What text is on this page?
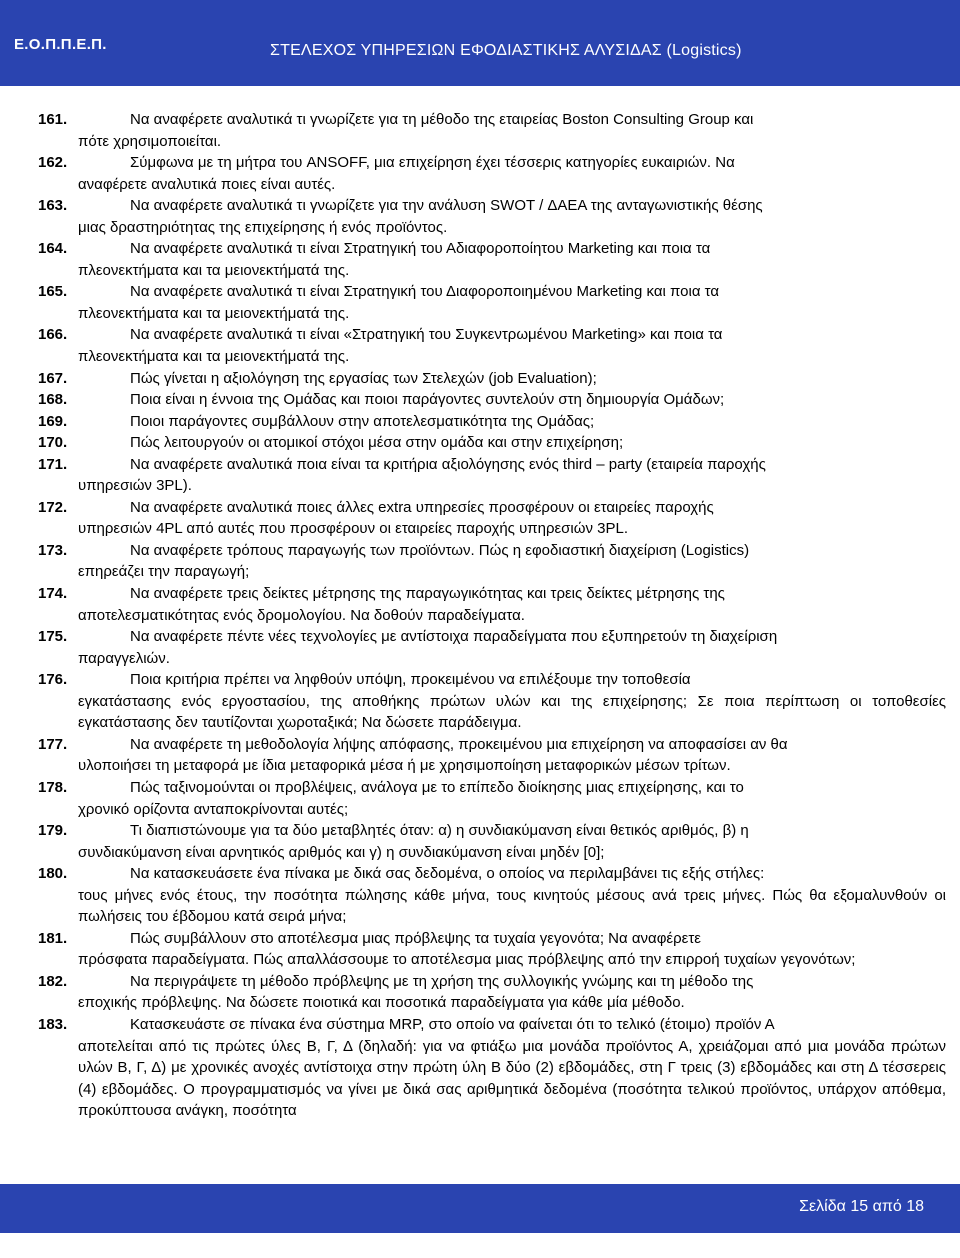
Ε.Ο.Π.Π.Ε.Π.	ΣΤΕΛΕΧΟΣ ΥΠΗΡΕΣΙΩΝ ΕΦΟΔΙΑΣΤΙΚΗΣ ΑΛΥΣΙΔΑΣ (Logistics)
161.	Να αναφέρετε αναλυτικά τι γνωρίζετε για τη μέθοδο της εταιρείας Boston Consulting Group και
πότε χρησιμοποιείται.
162.	Σύμφωνα με τη μήτρα του ANSOFF, μια επιχείρηση έχει τέσσερις κατηγορίες ευκαιριών. Να
αναφέρετε αναλυτικά ποιες είναι αυτές.
163.	Να αναφέρετε αναλυτικά τι γνωρίζετε για την ανάλυση SWOT / ΔΑΕΑ της ανταγωνιστικής θέσης
μιας δραστηριότητας της επιχείρησης ή ενός προϊόντος.
164.	Να αναφέρετε αναλυτικά τι είναι Στρατηγική του Αδιαφοροποίητου Marketing και ποια τα
πλεονεκτήματα και τα μειονεκτήματά της.
165.	Να αναφέρετε αναλυτικά τι είναι Στρατηγική του Διαφοροποιημένου Marketing και ποια τα
πλεονεκτήματα και τα μειονεκτήματά της.
166.	Να αναφέρετε αναλυτικά τι είναι «Στρατηγική του Συγκεντρωμένου Marketing» και ποια τα
πλεονεκτήματα και τα μειονεκτήματά της.
167.	Πώς γίνεται η αξιολόγηση της εργασίας των Στελεχών (job Evaluation);
168.	Ποια είναι η έννοια της Ομάδας και ποιοι παράγοντες συντελούν στη δημιουργία Ομάδων;
169.	Ποιοι παράγοντες συμβάλλουν στην αποτελεσματικότητα της Ομάδας;
170.	Πώς λειτουργούν οι ατομικοί στόχοι μέσα στην ομάδα και στην επιχείρηση;
171.	Να αναφέρετε αναλυτικά ποια είναι τα κριτήρια αξιολόγησης ενός third – party (εταιρεία παροχής
υπηρεσιών 3PL).
172.	Να αναφέρετε αναλυτικά ποιες άλλες extra υπηρεσίες προσφέρουν οι εταιρείες παροχής
υπηρεσιών 4PL από αυτές που προσφέρουν οι εταιρείες παροχής υπηρεσιών 3PL.
173.	Να αναφέρετε τρόπους παραγωγής των προϊόντων. Πώς η εφοδιαστική διαχείριση (Logistics)
επηρεάζει την παραγωγή;
174.	Να αναφέρετε τρεις δείκτες μέτρησης της παραγωγικότητας και τρεις δείκτες μέτρησης της
αποτελεσματικότητας ενός δρομολογίου. Να δοθούν παραδείγματα.
175.	Να αναφέρετε πέντε νέες τεχνολογίες με αντίστοιχα παραδείγματα που εξυπηρετούν τη διαχείριση
παραγγελιών.
176.	Ποια κριτήρια πρέπει να ληφθούν υπόψη, προκειμένου να επιλέξουμε την τοποθεσία
εγκατάστασης ενός εργοστασίου, της αποθήκης πρώτων υλών και της επιχείρησης; Σε ποια περίπτωση οι τοποθεσίες εγκατάστασης δεν ταυτίζονται χωροταξικά; Να δώσετε παράδειγμα.
177.	Να αναφέρετε τη μεθοδολογία λήψης απόφασης, προκειμένου μια επιχείρηση να αποφασίσει αν θα
υλοποιήσει τη μεταφορά με ίδια μεταφορικά μέσα ή με χρησιμοποίηση μεταφορικών μέσων τρίτων.
178.	Πώς ταξινομούνται οι προβλέψεις, ανάλογα με το επίπεδο διοίκησης μιας επιχείρησης, και το
χρονικό ορίζοντα ανταποκρίνονται αυτές;
179.	Τι διαπιστώνουμε για τα δύο μεταβλητές όταν: α) η συνδιακύμανση είναι θετικός αριθμός, β) η
συνδιακύμανση είναι αρνητικός αριθμός και γ) η συνδιακύμανση είναι μηδέν [0];
180.	Να κατασκευάσετε ένα πίνακα με δικά σας δεδομένα, ο οποίος να περιλαμβάνει τις εξής στήλες:
τους μήνες ενός έτους, την ποσότητα πώλησης κάθε μήνα, τους κινητούς μέσους ανά τρεις μήνες. Πώς θα εξομαλυνθούν οι πωλήσεις του έβδομου κατά σειρά μήνα;
181.	Πώς συμβάλλουν στο αποτέλεσμα μιας πρόβλεψης τα τυχαία γεγονότα; Να αναφέρετε
πρόσφατα παραδείγματα. Πώς απαλλάσσουμε το αποτέλεσμα μιας πρόβλεψης από την επιρροή τυχαίων γεγονότων;
182.	Να περιγράψετε τη μέθοδο πρόβλεψης με τη χρήση της συλλογικής γνώμης και τη μέθοδο της
εποχικής πρόβλεψης. Να δώσετε ποιοτικά και ποσοτικά παραδείγματα για κάθε μία μέθοδο.
183.	Κατασκευάστε σε πίνακα ένα σύστημα MRP, στο οποίο να φαίνεται ότι το τελικό (έτοιμο) προϊόν Α
αποτελείται από τις πρώτες ύλες Β, Γ, Δ (δηλαδή: για να φτιάξω μια μονάδα προϊόντος Α, χρειάζομαι από μια μονάδα πρώτων υλών Β, Γ, Δ) με χρονικές ανοχές αντίστοιχα στην πρώτη ύλη Β δύο (2) εβδομάδες, στη Γ τρεις (3) εβδομάδες και στη Δ τέσσερεις (4) εβδομάδες. Ο προγραμματισμός να γίνει με δικά σας αριθμητικά δεδομένα (ποσότητα τελικού προϊόντος, υπάρχον απόθεμα, προκύπτουσα ανάγκη, ποσότητα
Σελίδα 15 από 18
